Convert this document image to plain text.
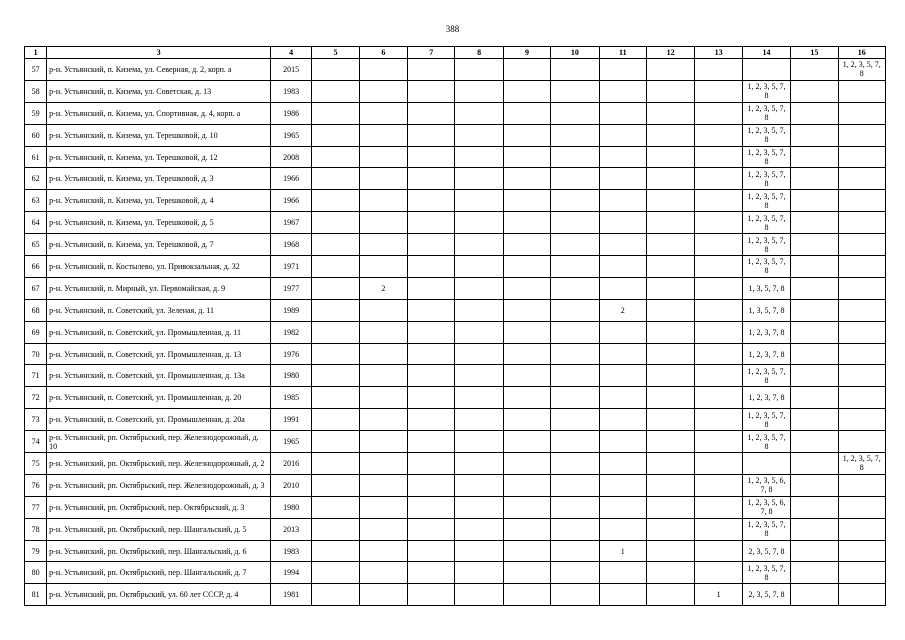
388
1	3	4	5	6	7	8	9	10	11	12	13	14	15	16
57	р-н. Устьянский, п. Кизема, ул. Северная, д. 2, корп. а	2015												1, 2, 3, 5, 7, 8
58	р-н. Устьянский, п. Кизема, ул. Советская, д. 13	1983										1, 2, 3, 5, 7, 8		
59	р-н. Устьянский, п. Кизема, ул. Спортивная, д. 4, корп. а	1986										1, 2, 3, 5, 7, 8		
60	р-н. Устьянский, п. Кизема, ул. Терешковой, д. 10	1965										1, 2, 3, 5, 7, 8		
61	р-н. Устьянский, п. Кизема, ул. Терешковой, д. 12	2008										1, 2, 3, 5, 7, 8		
62	р-н. Устьянский, п. Кизема, ул. Терешковой, д. 3	1966										1, 2, 3, 5, 7, 8		
63	р-н. Устьянский, п. Кизема, ул. Терешковой, д. 4	1966										1, 2, 3, 5, 7, 8		
64	р-н. Устьянский, п. Кизема, ул. Терешковой, д. 5	1967										1, 2, 3, 5, 7, 8		
65	р-н. Устьянский, п. Кизема, ул. Терешковой, д. 7	1968										1, 2, 3, 5, 7, 8		
66	р-н. Устьянский, п. Костылево, ул. Привокзальная, д. 32	1971										1, 2, 3, 5, 7, 8		
67	р-н. Устьянский, п. Мирный, ул. Первомайская, д. 9	1977		2								1, 3, 5, 7, 8		
68	р-н. Устьянский, п. Советский, ул. Зеленая, д. 11	1989							2			1, 3, 5, 7, 8		
69	р-н. Устьянский, п. Советский, ул. Промышленная, д. 11	1982										1, 2, 3, 7, 8		
70	р-н. Устьянский, п. Советский, ул. Промышленная, д. 13	1976										1, 2, 3, 7, 8		
71	р-н. Устьянский, п. Советский, ул. Промышленная, д. 13а	1980										1, 2, 3, 5, 7, 8		
72	р-н. Устьянский, п. Советский, ул. Промышленная, д. 20	1985										1, 2, 3, 7, 8		
73	р-н. Устьянский, п. Советский, ул. Промышленная, д. 20а	1991										1, 2, 3, 5, 7, 8		
74	р-н. Устьянский, рп. Октябрьский, пер. Железнодорожный, д. 10	1965										1, 2, 3, 5, 7, 8		
75	р-н. Устьянский, рп. Октябрьский, пер. Железнодорожный, д. 2	2016												1, 2, 3, 5, 7, 8
76	р-н. Устьянский, рп. Октябрьский, пер. Железнодорожный, д. 3	2010										1, 2, 3, 5, 6, 7, 8		
77	р-н. Устьянский, рп. Октябрьский, пер. Октябрьский, д. 3	1980										1, 2, 3, 5, 6, 7, 8		
78	р-н. Устьянский, рп. Октябрьский, пер. Шангальский, д. 5	2013										1, 2, 3, 5, 7, 8		
79	р-н. Устьянский, рп. Октябрьский, пер. Шангальский, д. 6	1983							1			2, 3, 5, 7, 8		
80	р-н. Устьянский, рп. Октябрьский, пер. Шангальский, д. 7	1994										1, 2, 3, 5, 7, 8		
81	р-н. Устьянский, рп. Октябрьский, ул. 60 лет СССР, д. 4	1981									1	2, 3, 5, 7, 8		
